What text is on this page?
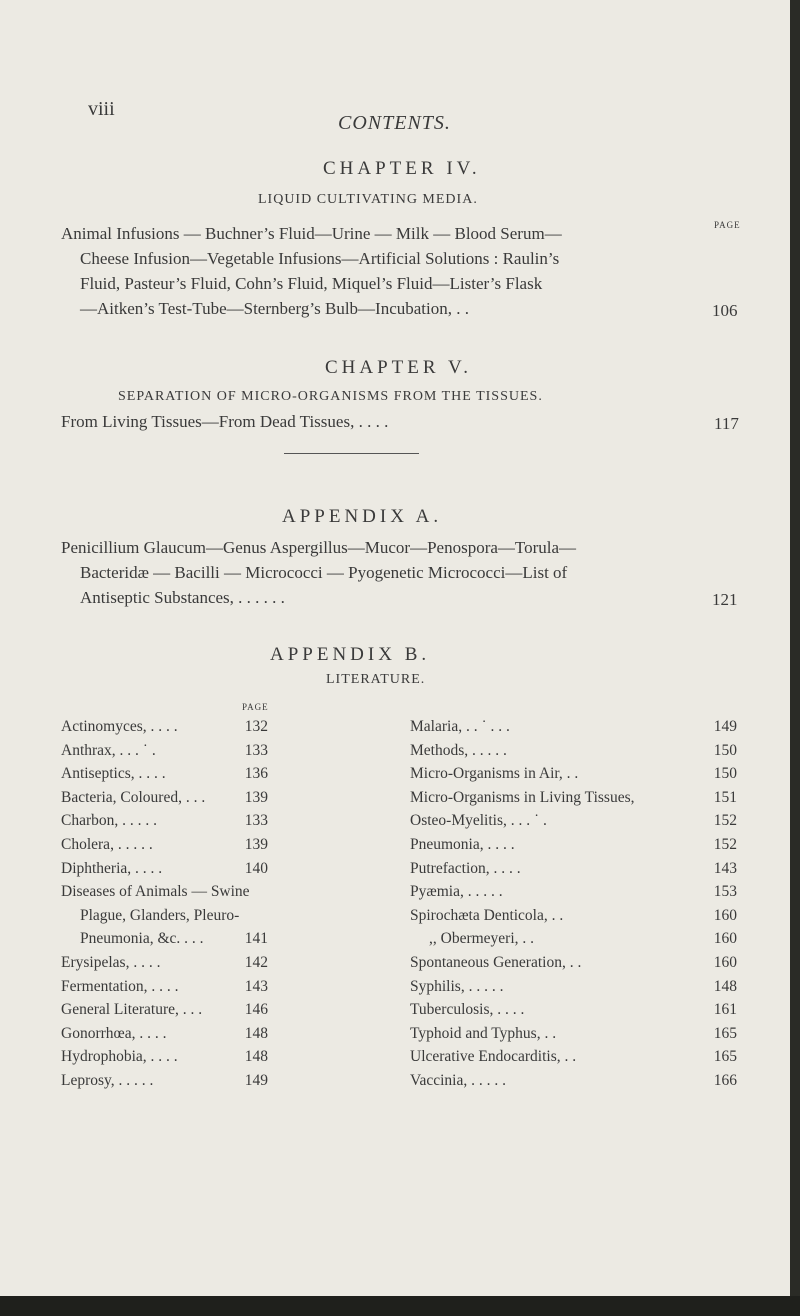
viii
CONTENTS.
CHAPTER IV.
LIQUID CULTIVATING MEDIA.
PAGE
Animal Infusions — Buchner’s Fluid—Urine — Milk — Blood Serum—
Cheese Infusion—Vegetable Infusions—Artificial Solutions : Raulin’s
Fluid, Pasteur’s Fluid, Cohn’s Fluid, Miquel’s Fluid—Lister’s Flask
—Aitken’s Test-Tube—Sternberg’s Bulb—Incubation, . .	106
CHAPTER V.
SEPARATION OF MICRO-ORGANISMS FROM THE TISSUES.
From Living Tissues—From Dead Tissues, . . . .	117
APPENDIX A.
Penicillium Glaucum—Genus Aspergillus—Mucor—Penospora—Torula—
Bacteridæ — Bacilli — Micrococci — Pyogenetic Micrococci—List of
Antiseptic Substances, . . . . . .	121
APPENDIX B.
LITERATURE.
PAGE
Actinomyces, . . . .	132
Anthrax, . . . ˙ .	133
Antiseptics, . . . .	136
Bacteria, Coloured, . . .	139
Charbon, . . . . .	133
Cholera, . . . . .	139
Diphtheria, . . . .	140
Diseases of Animals — Swine
Plague, Glanders, Pleuro-
Pneumonia, &c. . . .	141
Erysipelas, . . . .	142
Fermentation, . . . .	143
General Literature, . . .	146
Gonorrhœa, . . . .	148
Hydrophobia, . . . .	148
Leprosy, . . . . .	149
Malaria, . . ˙ . . .	149
Methods, . . . . .	150
Micro-Organisms in Air, . .	150
Micro-Organisms in Living Tissues,	151
Osteo-Myelitis, . . . ˙ .	152
Pneumonia, . . . .	152
Putrefaction, . . . .	143
Pyæmia, . . . . .	153
Spirochæta Denticola, . .	160
,, Obermeyeri, . .	160
Spontaneous Generation, . .	160
Syphilis, . . . . .	148
Tuberculosis, . . . .	161
Typhoid and Typhus, . .	165
Ulcerative Endocarditis, . .	165
Vaccinia, . . . . .	166
